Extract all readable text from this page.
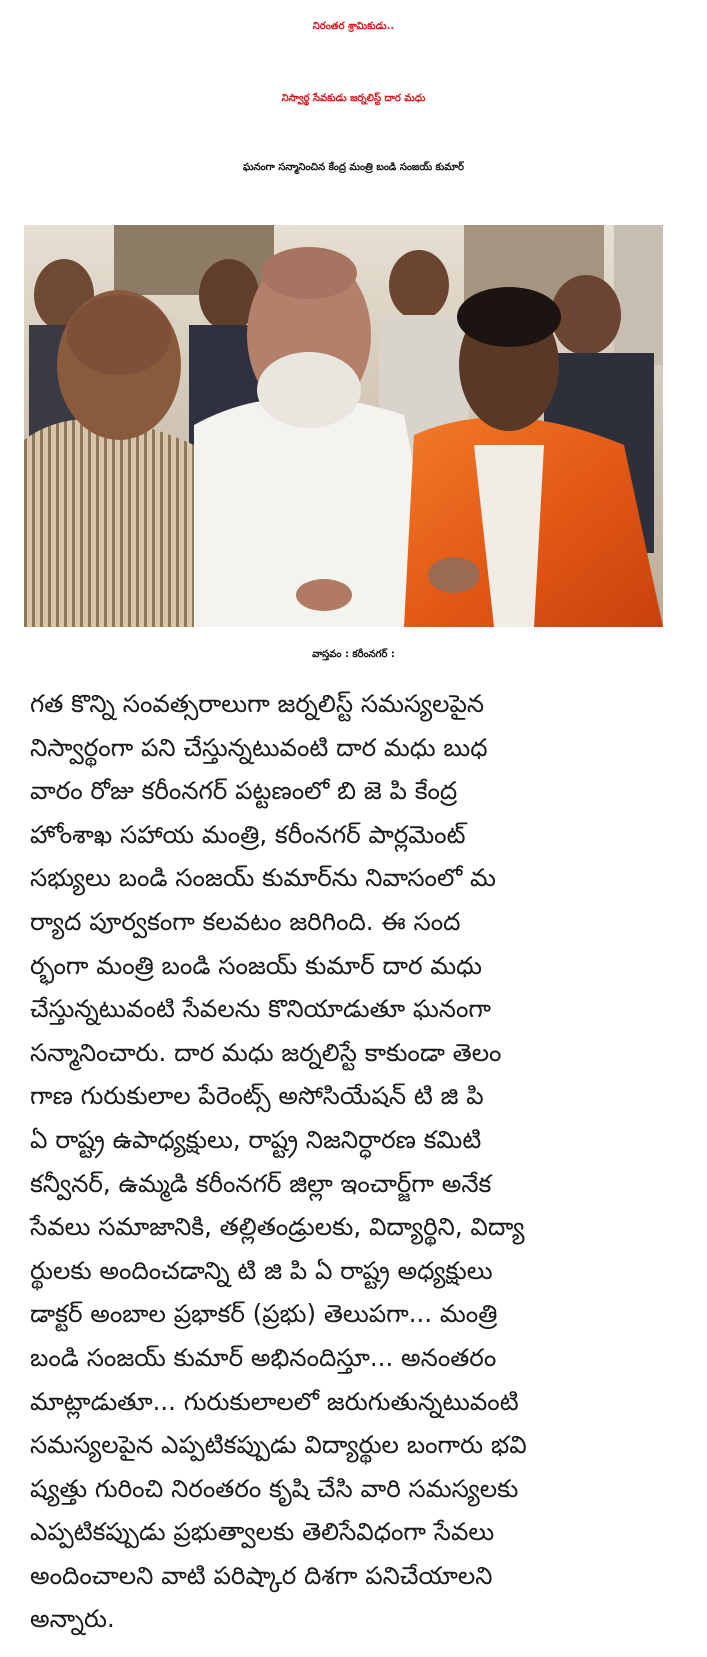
నిరంతర శ్రామికుడు..
నిస్వార్థ సేవకుడు జర్నలిస్ట్ దార మధు
ఘనంగా సన్మానించిన కేంద్ర మంత్రి బండి సంజయ్ కుమార్
వాస్తవం : కరీంనగర్ :
గత కొన్ని సంవత్సరాలుగా జర్నలిస్ట్ సమస్యలపైన
నిస్వార్థంగా పని చేస్తున్నటువంటి దార మధు బుధ
వారం రోజు కరీంనగర్ పట్టణంలో బి జె పి కేంద్ర
హోంశాఖ సహాయ మంత్రి, కరీంనగర్ పార్లమెంట్
సభ్యులు బండి సంజయ్ కుమార్‌ను నివాసంలో మ
ర్యాద పూర్వకంగా కలవటం జరిగింది. ఈ సంద
ర్భంగా మంత్రి బండి సంజయ్ కుమార్ దార మధు
చేస్తున్నటువంటి సేవలను కొనియాడుతూ ఘనంగా
సన్మానించారు. దార మధు జర్నలిస్టే కాకుండా తెలం
గాణ గురుకులాల పేరెంట్స్ అసోసియేషన్ టి జి పి
ఏ రాష్ట్ర ఉపాధ్యక్షులు, రాష్ట్ర నిజనిర్ధారణ కమిటి
కన్వీనర్, ఉమ్మడి కరీంనగర్ జిల్లా ఇంచార్జ్‌గా అనేక
సేవలు సమాజానికి, తల్లితండ్రులకు, విద్యార్థిని, విద్యా
ర్థులకు అందించడాన్ని టి జి పి ఏ రాష్ట్ర అధ్యక్షులు
డాక్టర్ అంబాల ప్రభాకర్ (ప్రభు) తెలుపగా... మంత్రి
బండి సంజయ్ కుమార్ అభినందిస్తూ... అనంతరం
మాట్లాడుతూ... గురుకులాలలో జరుగుతున్నటువంటి
సమస్యలపైన ఎప్పటికప్పుడు విద్యార్థుల బంగారు భవి
ష్యత్తు గురించి నిరంతరం కృషి చేసి వారి సమస్యలకు
ఎప్పటికప్పుడు ప్రభుత్వాలకు తెలిసేవిధంగా సేవలు
అందించాలని వాటి పరిష్కార దిశగా పనిచేయాలని
అన్నారు.
